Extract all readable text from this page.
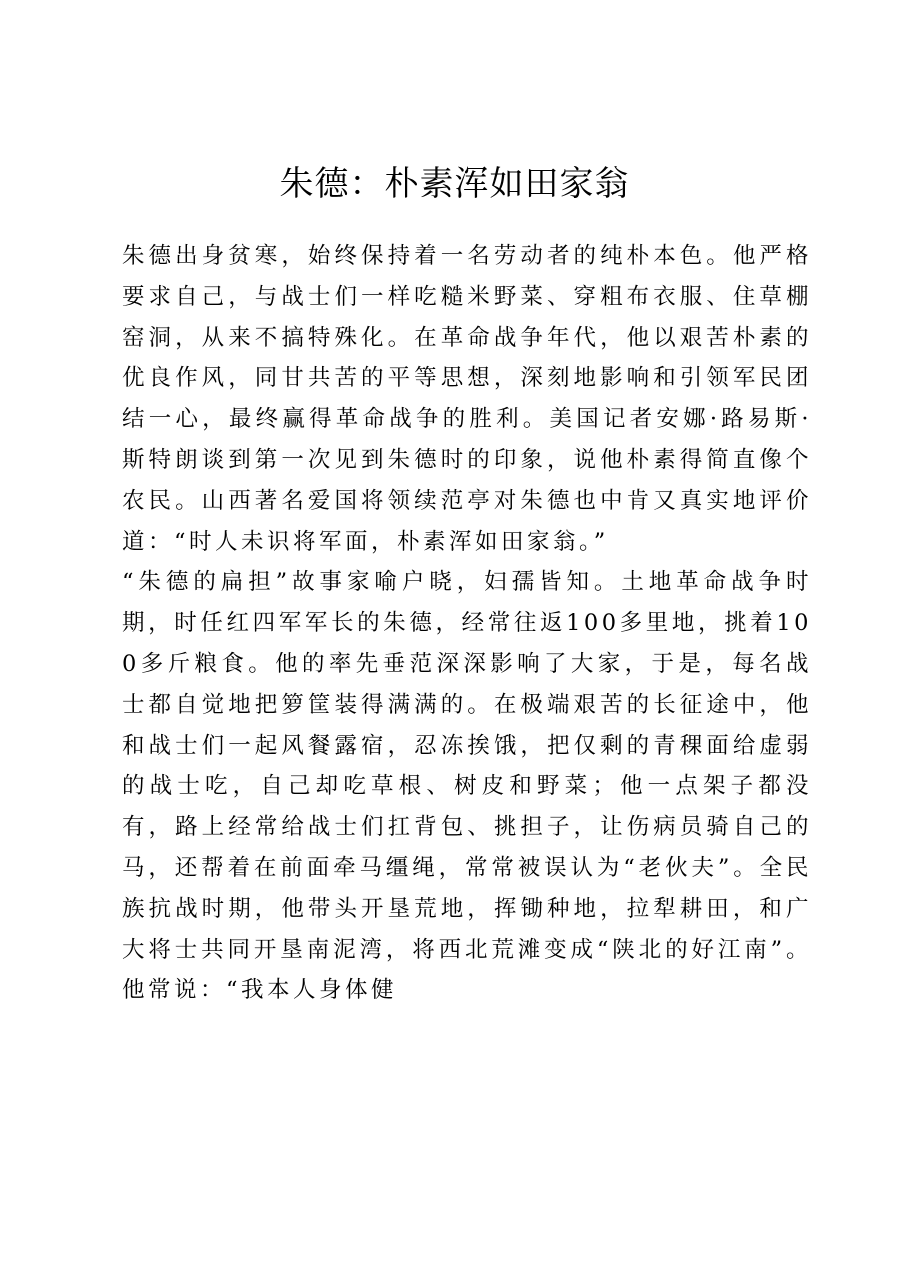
朱德：朴素浑如田家翁

朱德出身贫寒，始终保持着一名劳动者的纯朴本色。他严格要求自己，与战士们一样吃糙米野菜、穿粗布衣服、住草棚窑洞，从来不搞特殊化。在革命战争年代，他以艰苦朴素的优良作风，同甘共苦的平等思想，深刻地影响和引领军民团结一心，最终赢得革命战争的胜利。美国记者安娜·路易斯·斯特朗谈到第一次见到朱德时的印象，说他朴素得简直像个农民。山西著名爱国将领续范亭对朱德也中肯又真实地评价道：“时人未识将军面，朴素浑如田家翁。”

“朱德的扁担”故事家喻户晓，妇孺皆知。土地革命战争时期，时任红四军军长的朱德，经常往返100多里地，挑着100多斤粮食。他的率先垂范深深影响了大家，于是，每名战士都自觉地把箩筐装得满满的。在极端艰苦的长征途中，他和战士们一起风餐露宿，忍冻挨饿，把仅剩的青稞面给虚弱的战士吃，自己却吃草根、树皮和野菜；他一点架子都没有，路上经常给战士们扛背包、挑担子，让伤病员骑自己的马，还帮着在前面牵马缰绳，常常被误认为“老伙夫”。全民族抗战时期，他带头开垦荒地，挥锄种地，拉犁耕田，和广大将士共同开垦南泥湾，将西北荒滩变成“陕北的好江南”。他常说：“我本人身体健
